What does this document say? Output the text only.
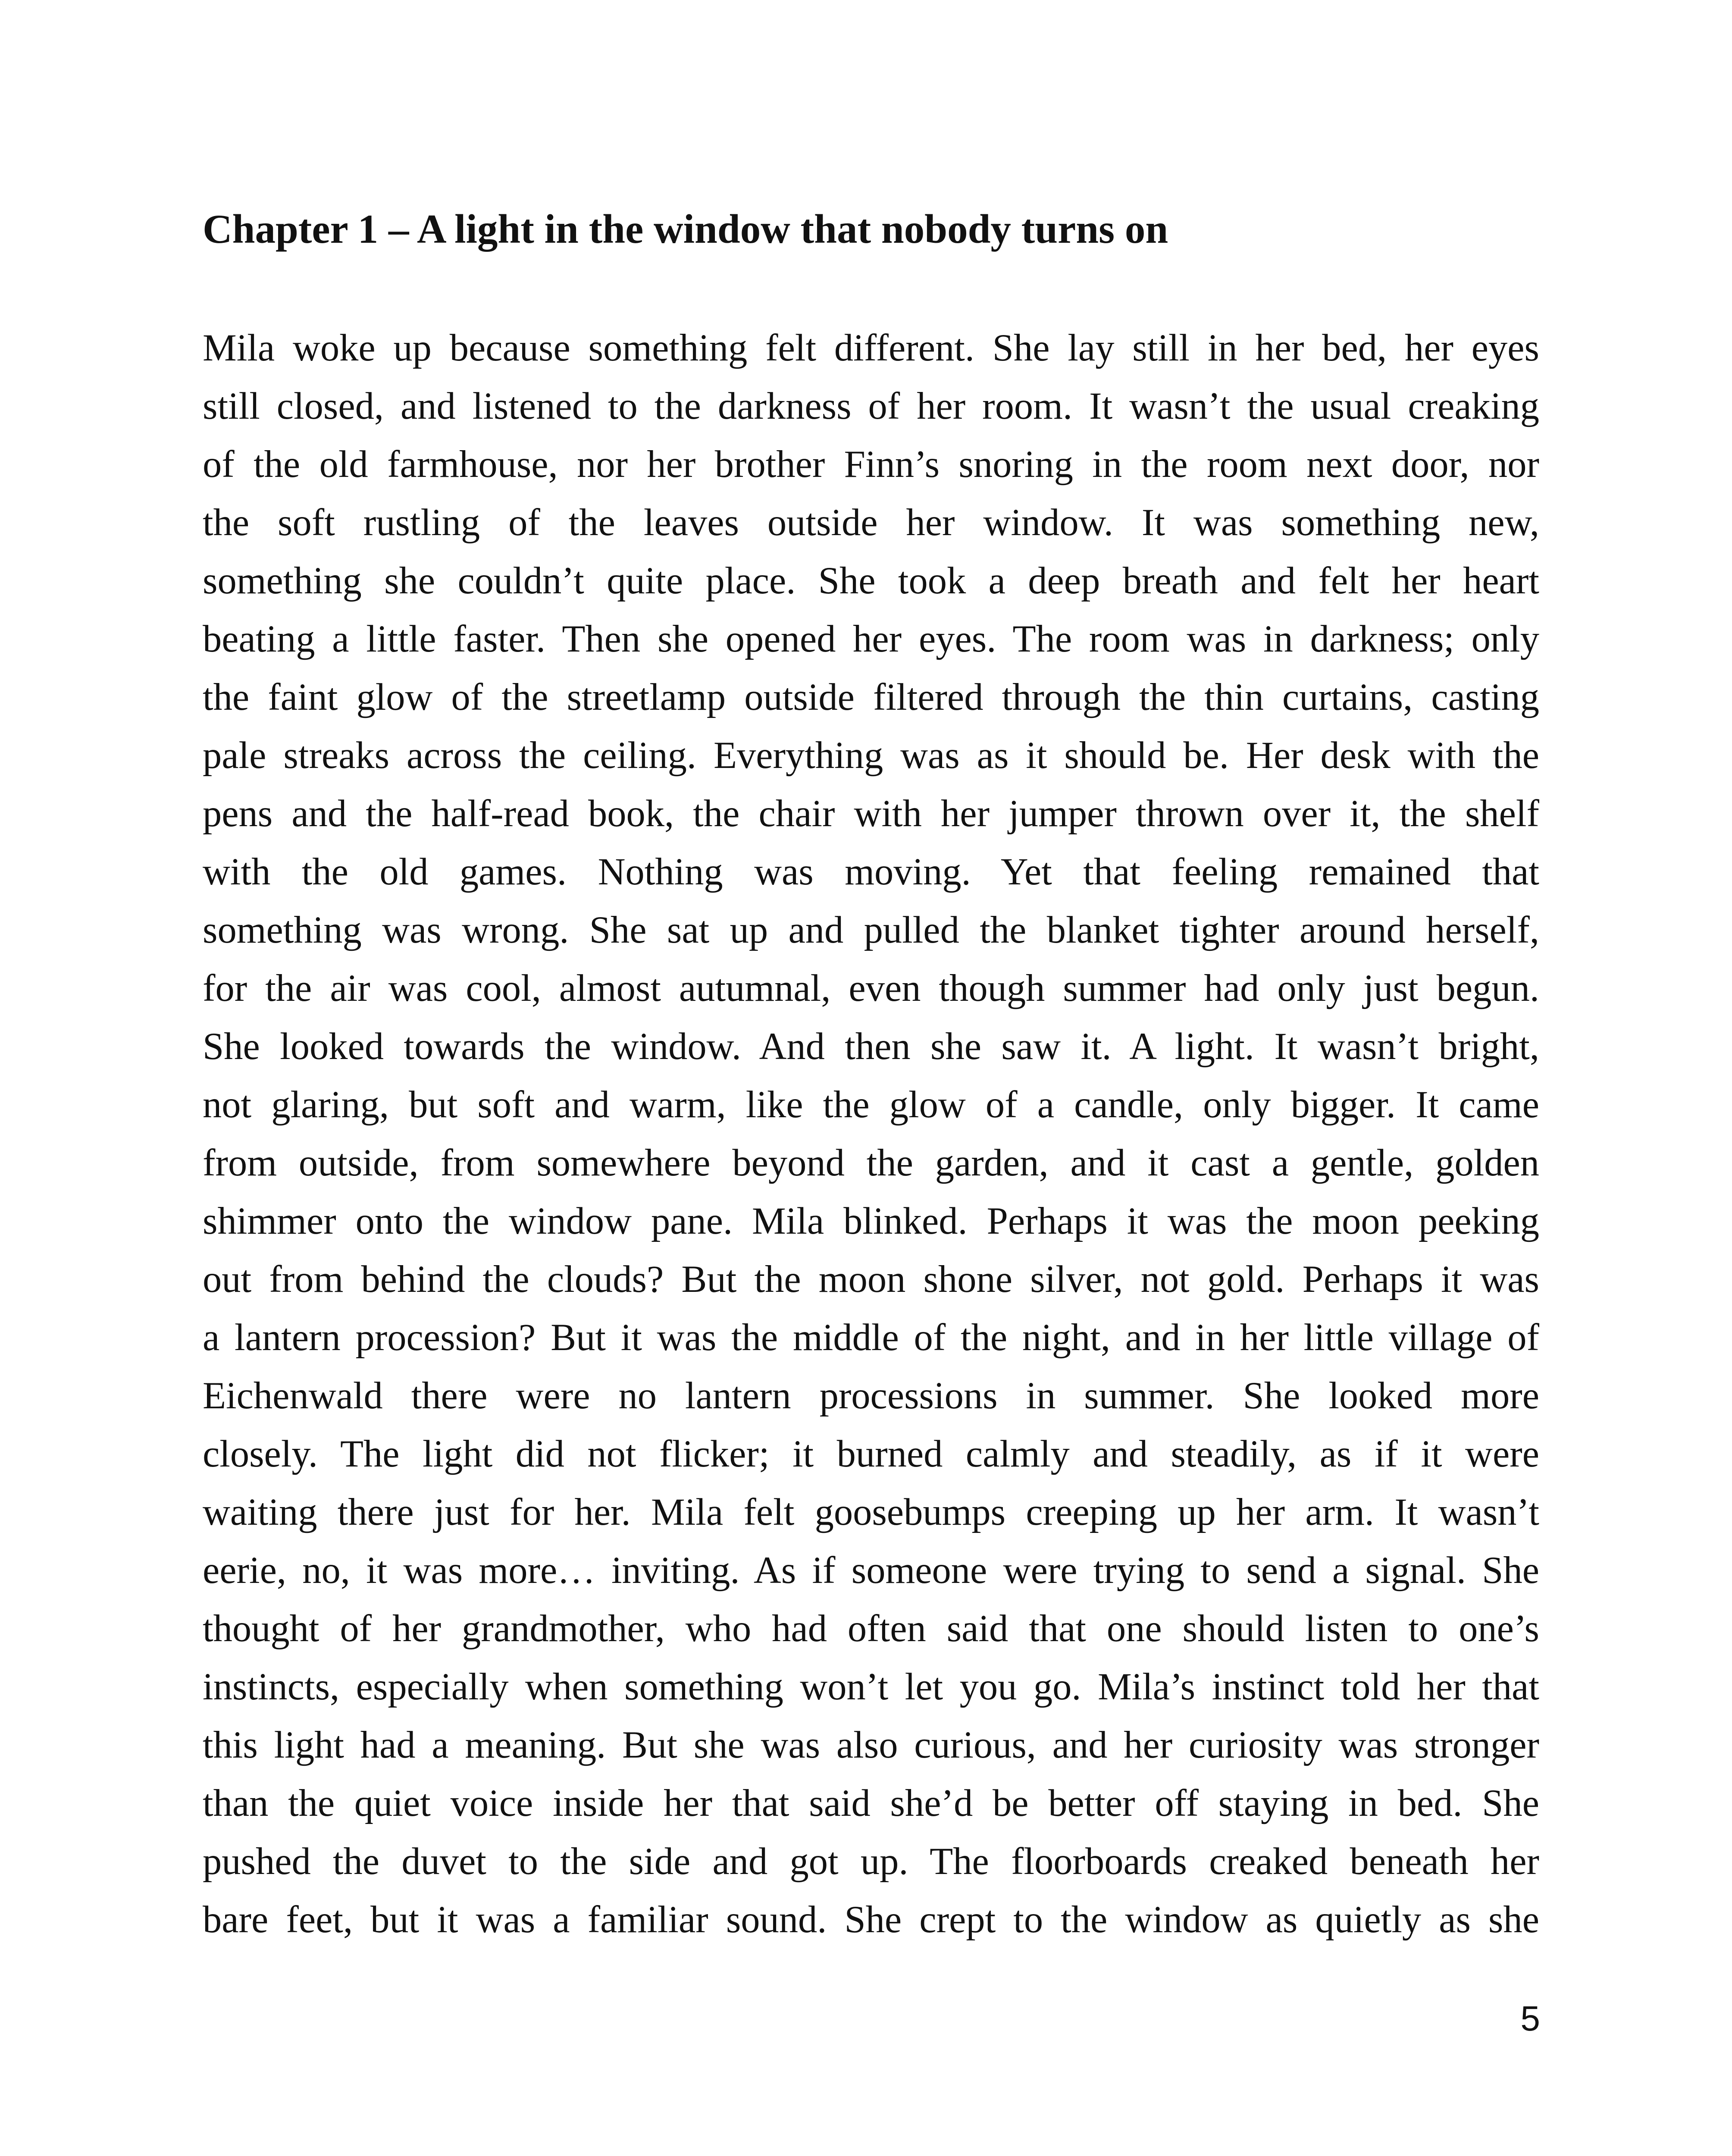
Chapter 1 – A light in the window that nobody turns on
Mila woke up because something felt different. She lay still in her bed, her eyes
still closed, and listened to the darkness of her room. It wasn’t the usual creaking
of the old farmhouse, nor her brother Finn’s snoring in the room next door, nor
the soft rustling of the leaves outside her window. It was something new,
something she couldn’t quite place. She took a deep breath and felt her heart
beating a little faster. Then she opened her eyes. The room was in darkness; only
the faint glow of the streetlamp outside filtered through the thin curtains, casting
pale streaks across the ceiling. Everything was as it should be. Her desk with the
pens and the half-read book, the chair with her jumper thrown over it, the shelf
with the old games. Nothing was moving. Yet that feeling remained that
something was wrong. She sat up and pulled the blanket tighter around herself,
for the air was cool, almost autumnal, even though summer had only just begun.
She looked towards the window. And then she saw it. A light. It wasn’t bright,
not glaring, but soft and warm, like the glow of a candle, only bigger. It came
from outside, from somewhere beyond the garden, and it cast a gentle, golden
shimmer onto the window pane. Mila blinked. Perhaps it was the moon peeking
out from behind the clouds? But the moon shone silver, not gold. Perhaps it was
a lantern procession? But it was the middle of the night, and in her little village of
Eichenwald there were no lantern processions in summer. She looked more
closely. The light did not flicker; it burned calmly and steadily, as if it were
waiting there just for her. Mila felt goosebumps creeping up her arm. It wasn’t
eerie, no, it was more… inviting. As if someone were trying to send a signal. She
thought of her grandmother, who had often said that one should listen to one’s
instincts, especially when something won’t let you go. Mila’s instinct told her that
this light had a meaning. But she was also curious, and her curiosity was stronger
than the quiet voice inside her that said she’d be better off staying in bed. She
pushed the duvet to the side and got up. The floorboards creaked beneath her
bare feet, but it was a familiar sound. She crept to the window as quietly as she
5
